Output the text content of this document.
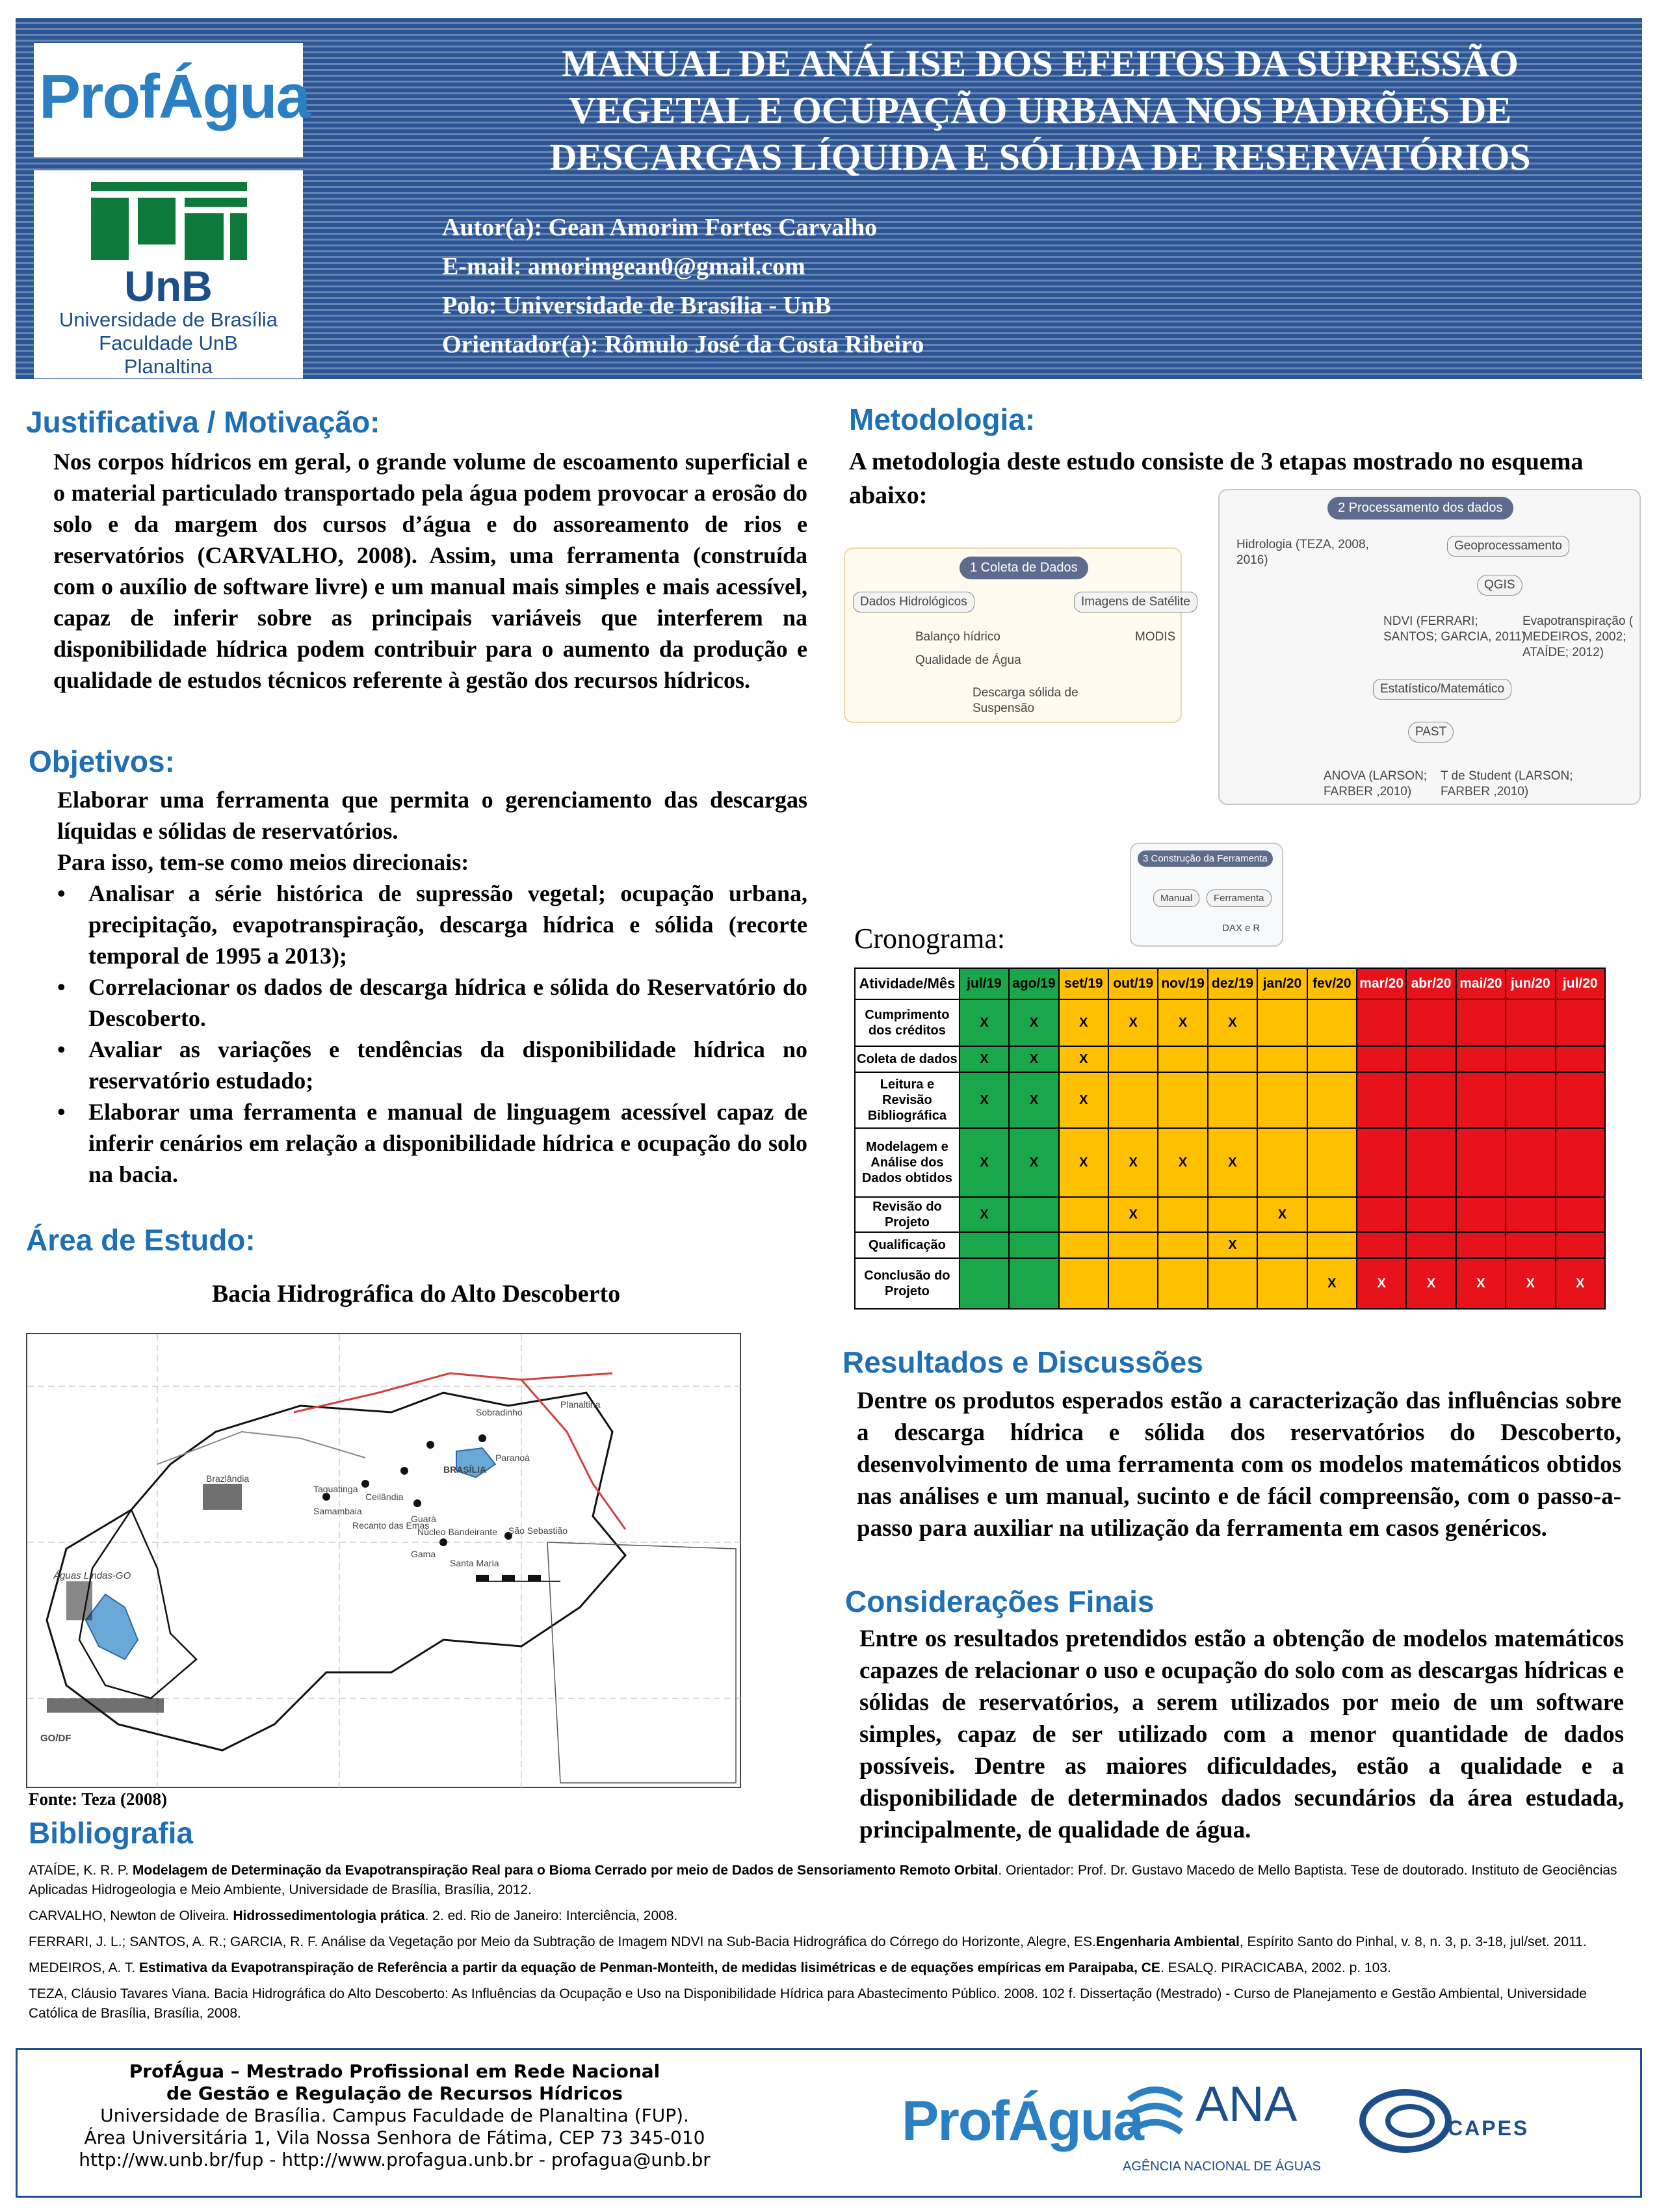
ProfÁgua
UnB
Universidade de Brasília
Faculdade UnB
Planaltina
MANUAL DE ANÁLISE DOS EFEITOS DA SUPRESSÃO
VEGETAL E OCUPAÇÃO URBANA NOS PADRÕES DE
DESCARGAS LÍQUIDA E SÓLIDA DE RESERVATÓRIOS
Autor(a): Gean Amorim Fortes Carvalho
E-mail: amorimgean0@gmail.com
Polo: Universidade de Brasília - UnB
Orientador(a): Rômulo José da Costa Ribeiro
Justificativa / Motivação:
Nos corpos hídricos em geral, o grande volume de escoamento superficial e o material particulado transportado pela água podem provocar a erosão do solo e da margem dos cursos d’água e do assoreamento de rios e reservatórios (CARVALHO, 2008). Assim, uma ferramenta (construída com o auxílio de software livre) e um manual mais simples e mais acessível, capaz de inferir sobre as principais variáveis que interferem na disponibilidade hídrica podem contribuir para o aumento da produção e qualidade de estudos técnicos referente à gestão dos recursos hídricos.
Objetivos:

Elaborar uma ferramenta que permita o gerenciamento das descargas líquidas e sólidas de reservatórios.

Para isso, tem-se como meios direcionais:

• Analisar a série histórica de supressão vegetal; ocupação urbana, precipitação, evapotranspiração, descarga hídrica e sólida (recorte temporal de 1995 a 2013);
• Correlacionar os dados de descarga hídrica e sólida do Reservatório do Descoberto.
• Avaliar as variações e tendências da disponibilidade hídrica no reservatório estudado;
• Elaborar uma ferramenta e manual de linguagem acessível capaz de inferir cenários em relação a disponibilidade hídrica e ocupação do solo na bacia.
Área de Estudo:
Bacia Hidrográfica do Alto Descoberto
Sobradinho
Planaltina
Paranoá
BRASÍLIA
Taguatinga
Brazlândia
Ceilândia
Samambaia
Guará
Núcleo Bandeirante
Recanto das Emas
Gama
Santa Maria
São Sebastião
Águas Lindas-GO
GO/DF
Fonte: Teza (2008)
Bibliografia
Metodologia:
A metodologia deste estudo consiste de 3 etapas mostrado no esquema abaixo:
1 Coleta de Dados
Dados Hidrológicos	Imagens de Satélite
Balanço hídrico
Qualidade de Água
MODIS
Descarga sólida de
Suspensão
2 Processamento dos dados
Hidrologia (TEZA, 2008,
2016)
Geoprocessamento
QGIS
NDVI (FERRARI;
SANTOS; GARCIA, 2011)
Evapotranspiração (
MEDEIROS, 2002;
ATAÍDE; 2012)
Estatístico/Matemático
PAST
ANOVA (LARSON;
FARBER ,2010)
T de Student (LARSON;
FARBER ,2010)
3 Construção da Ferramenta
Manual	Ferramenta
DAX e R
Cronograma:
Atividade/Mês	jul/19	ago/19	set/19	out/19	nov/19	dez/19	jan/20	fev/20	mar/20	abr/20	mai/20	jun/20	jul/20
Cumprimento dos créditos	X	X	X	X	X	X							
Coleta de dados	X	X	X										
Leitura e Revisão Bibliográfica	X	X	X										
Modelagem e Análise dos Dados obtidos	X	X	X	X	X	X							
Revisão do Projeto	X			X			X						
Qualificação						X							
Conclusão do Projeto								X	X	X	X	X	X
Resultados e Discussões
Dentre os produtos esperados estão a caracterização das influências sobre a descarga hídrica e sólida dos reservatórios do Descoberto, desenvolvimento de uma ferramenta com os modelos matemáticos obtidos nas análises e um manual, sucinto e de fácil compreensão, com o passo-a-passo para auxiliar na utilização da ferramenta em casos genéricos.
Considerações Finais
Entre os resultados pretendidos estão a obtenção de modelos matemáticos capazes de relacionar o uso e ocupação do solo com as descargas hídricas e sólidas de reservatórios, a serem utilizados por meio de um software simples, capaz de ser utilizado com a menor quantidade de dados possíveis. Dentre as maiores dificuldades, estão a qualidade e a disponibilidade de determinados dados secundários da área estudada, principalmente, de qualidade de água.
ATAÍDE, K. R. P. Modelagem de Determinação da Evapotranspiração Real para o Bioma Cerrado por meio de Dados de Sensoriamento Remoto Orbital. Orientador: Prof. Dr. Gustavo Macedo de Mello Baptista. Tese de doutorado. Instituto de Geociências Aplicadas Hidrogeologia e Meio Ambiente, Universidade de Brasília, Brasília, 2012.
CARVALHO, Newton de Oliveira. Hidrossedimentologia prática. 2. ed. Rio de Janeiro: Interciência, 2008.
FERRARI, J. L.; SANTOS, A. R.; GARCIA, R. F. Análise da Vegetação por Meio da Subtração de Imagem NDVI na Sub-Bacia Hidrográfica do Córrego do Horizonte, Alegre, ES.Engenharia Ambiental, Espírito Santo do Pinhal, v. 8, n. 3, p. 3-18, jul/set. 2011.
MEDEIROS, A. T. Estimativa da Evapotranspiração de Referência a partir da equação de Penman-Monteith, de medidas lisimétricas e de equações empíricas em Paraipaba, CE. ESALQ. PIRACICABA, 2002. p. 103.
TEZA, Cláusio Tavares Viana. Bacia Hidrográfica do Alto Descoberto: As Influências da Ocupação e Uso na Disponibilidade Hídrica para Abastecimento Público. 2008. 102 f. Dissertação (Mestrado) - Curso de Planejamento e Gestão Ambiental, Universidade Católica de Brasília, Brasília, 2008.
ProfÁgua – Mestrado Profissional em Rede Nacional
de Gestão e Regulação de Recursos Hídricos
Universidade de Brasília. Campus Faculdade de Planaltina (FUP).
Área Universitária 1, Vila Nossa Senhora de Fátima, CEP 73 345-010
http://ww.unb.br/fup - http://www.profagua.unb.br - profagua@unb.br
ProfÁgua ANA
AGÊNCIA NACIONAL DE ÁGUAS
CAPES
